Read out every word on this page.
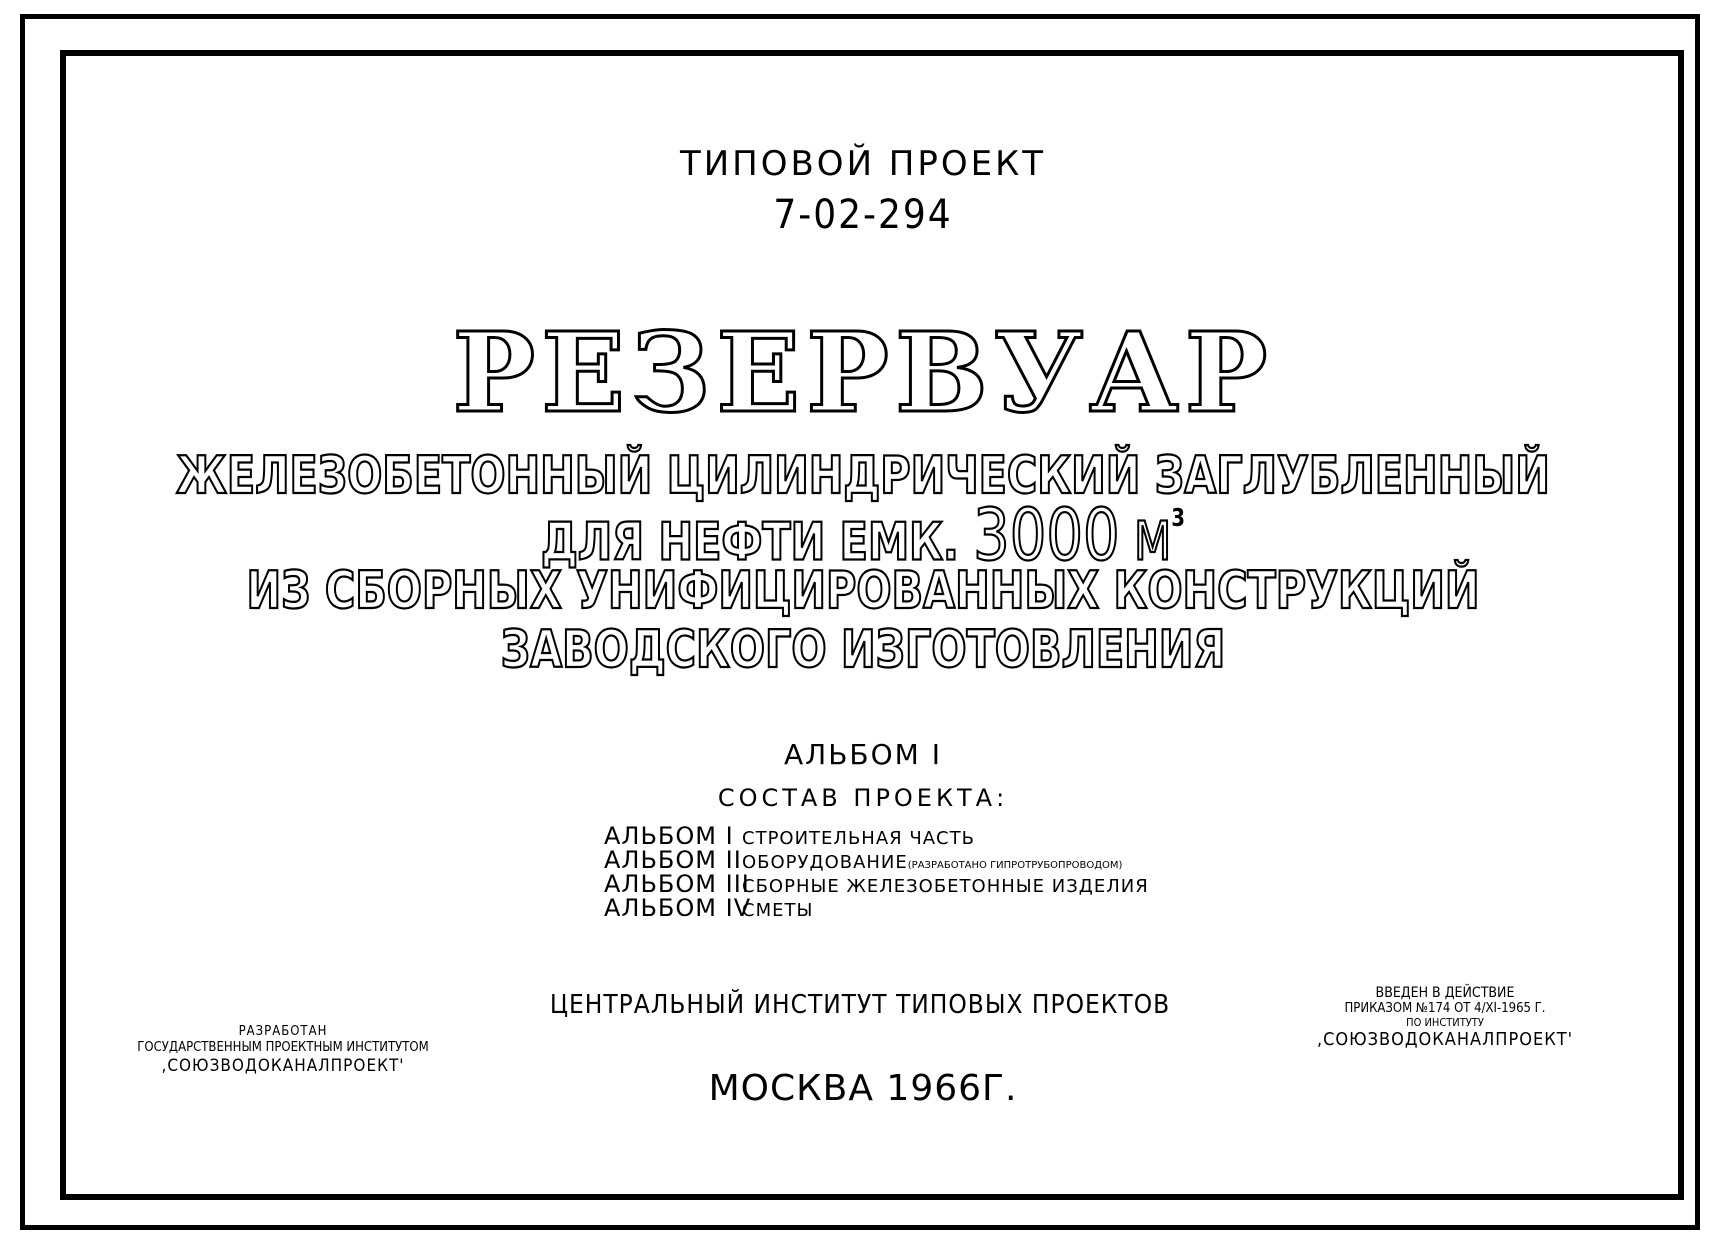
ТИПОВОЙ ПРОЕКТ
7-02-294
РЕЗЕРВУАР
ЖЕЛЕЗОБЕТОННЫЙ ЦИЛИНДРИЧЕСКИЙ ЗАГЛУБЛЕННЫЙ
ДЛЯ НЕФТИ ЕМК. 3000 $М^3$
ИЗ СБОРНЫХ УНИФИЦИРОВАННЫХ КОНСТРУКЦИЙ
ЗАВОДСКОГО ИЗГОТОВЛЕНИЯ
АЛЬБОМ I
СОСТАВ ПРОЕКТА:
АЛЬБОМ I СТРОИТЕЛЬНАЯ ЧАСТЬ
АЛЬБОМ II ОБОРУДОВАНИЕ (РАЗРАБОТАНО ГИПРОТРУБОПРОВОДОМ)
АЛЬБОМ III
СБОРНЫЕ ЖЕЛЕЗОБЕТОННЫЕ ИЗДЕЛИЯ
АЛЬБОМ IV
СМЕТЫ
РАЗРАБОТАН
ГОСУДАРСТВЕННЫМ ПРОЕКТНЫМ ИНСТИТУТОМ
,СОЮЗВОДОКАНАЛПРОЕКТ'
ЦЕНТРАЛЬНЫЙ ИНСТИТУТ ТИПОВЫХ ПРОЕКТОВ	ВВЕДЕН В ДЕЙСТВИЕ
ПРИКАЗОМ №174 ОТ 4/XI-1965 Г.
ПО ИНСТИТУТУ
,СОЮЗВОДОКАНАЛПРОЕКТ'
МОСКВА 1966Г.
